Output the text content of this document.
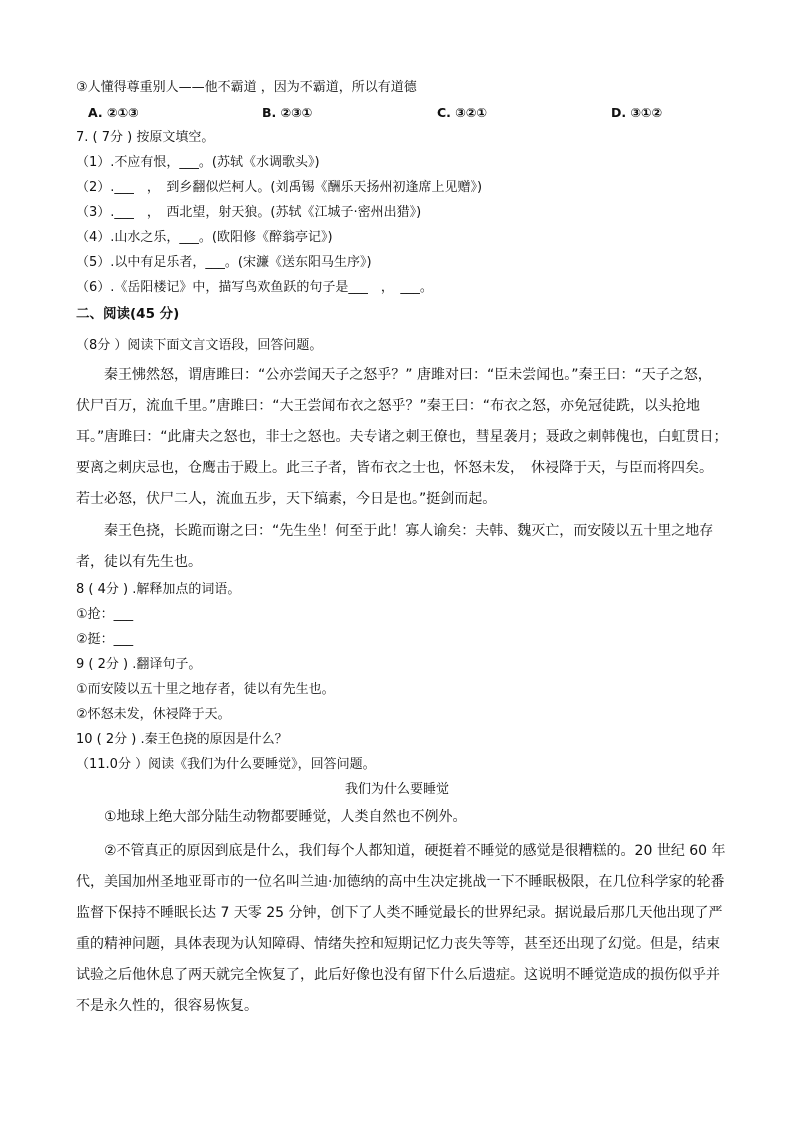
③人懂得尊重别人——他不霸道 ，因为不霸道，所以有道德
A. ②①③	B. ②③①	C. ③②①	D. ③①②
7. ( 7分 ) 按原文填空。
（1）.不应有恨，___。(苏轼《水调歌头》)
（2）.___　，　到乡翻似烂柯人。(刘禹锡《酬乐天扬州初逢席上见赠》)
（3）.___　，　西北望，射天狼。(苏轼《江城子·密州出猎》)
（4）.山水之乐，___。(欧阳修《醉翁亭记》)
（5）.以中有足乐者，___。(宋濂《送东阳马生序》)
（6）.《岳阳楼记》中，描写鸟欢鱼跃的句子是___　，　___。
二、阅读(45 分)
（8分 ）阅读下面文言文语段，回答问题。
　　秦王怫然怒，谓唐雎曰：“公亦尝闻天子之怒乎？” 唐雎对曰：“臣未尝闻也。”秦王曰：“天子之怒，
伏尸百万，流血千里。”唐雎曰：“大王尝闻布衣之怒乎？”秦王曰：“布衣之怒，亦免冠徒跣，以头抢地
耳。”唐雎曰：“此庸夫之怒也，非士之怒也。夫专诸之刺王僚也，彗星袭月；聂政之刺韩傀也，白虹贯日；
要离之刺庆忌也，仓鹰击于殿上。此三子者，皆布衣之士也，怀怒未发，　休祲降于天，与臣而将四矣。
若士必怒，伏尸二人，流血五步，天下缟素，今日是也。”挺剑而起。
　　秦王色挠，长跪而谢之曰：“先生坐！何至于此！寡人谕矣：夫韩、魏灭亡，而安陵以五十里之地存
者，徒以有先生也。
8 ( 4分 ) .解释加点的词语。
①抢：___
②挺：___
9 ( 2分 ) .翻译句子。
①而安陵以五十里之地存者，徒以有先生也。
②怀怒未发，休祲降于天。
10 ( 2分 ) .秦王色挠的原因是什么？
（11.0分 ）阅读《我们为什么要睡觉》，回答问题。
我们为什么要睡觉
　　①地球上绝大部分陆生动物都要睡觉，人类自然也不例外。
　　②不管真正的原因到底是什么，我们每个人都知道，硬挺着不睡觉的感觉是很糟糕的。20 世纪 60 年
代，美国加州圣地亚哥市的一位名叫兰迪·加德纳的高中生决定挑战一下不睡眠极限，在几位科学家的轮番
监督下保持不睡眠长达 7 天零 25 分钟，创下了人类不睡觉最长的世界纪录。据说最后那几天他出现了严
重的精神问题，具体表现为认知障碍、情绪失控和短期记忆力丧失等等，甚至还出现了幻觉。但是，结束
试验之后他休息了两天就完全恢复了，此后好像也没有留下什么后遗症。这说明不睡觉造成的损伤似乎并
不是永久性的，很容易恢复。
